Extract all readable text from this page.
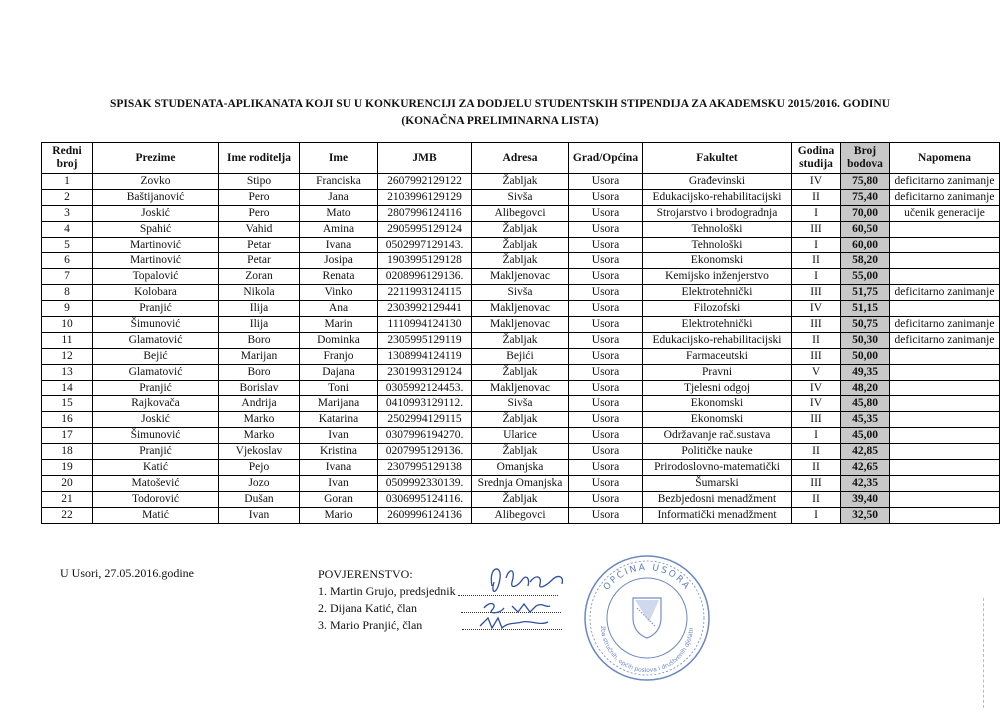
SPISAK STUDENATA-APLIKANATA KOJI SU U KONKURENCIJI ZA DODJELU STUDENTSKIH STIPENDIJA ZA AKADEMSKU 2015/2016. GODINU
(KONAČNA PRELIMINARNA LISTA)
Redni broj	Prezime	Ime roditelja	Ime	JMB	Adresa	Grad/Općina	Fakultet	Godina studija	Broj bodova	Napomena
1	Zovko	Stipo	Franciska	2607992129122	Žabljak	Usora	Građevinski	IV	75,80	deficitarno zanimanje
2	Baštijanović	Pero	Jana	2103996129129	Sivša	Usora	Edukacijsko-rehabilitacijski	II	75,40	deficitarno zanimanje
3	Joskić	Pero	Mato	2807996124116	Alibegovci	Usora	Strojarstvo i brodogradnja	I	70,00	učenik generacije
4	Spahić	Vahid	Amina	2905995129124	Žabljak	Usora	Tehnološki	III	60,50	
5	Martinović	Petar	Ivana	0502997129143.	Žabljak	Usora	Tehnološki	I	60,00	
6	Martinović	Petar	Josipa	1903995129128	Žabljak	Usora	Ekonomski	II	58,20	
7	Topalović	Zoran	Renata	0208996129136.	Makljenovac	Usora	Kemijsko inženjerstvo	I	55,00	
8	Kolobara	Nikola	Vinko	2211993124115	Sivša	Usora	Elektrotehnički	III	51,75	deficitarno zanimanje
9	Pranjić	Ilija	Ana	2303992129441	Makljenovac	Usora	Filozofski	IV	51,15	
10	Šimunović	Ilija	Marin	1110994124130	Makljenovac	Usora	Elektrotehnički	III	50,75	deficitarno zanimanje
11	Glamatović	Boro	Dominka	2305995129119	Žabljak	Usora	Edukacijsko-rehabilitacijski	II	50,30	deficitarno zanimanje
12	Bejić	Marijan	Franjo	1308994124119	Bejići	Usora	Farmaceutski	III	50,00	
13	Glamatović	Boro	Dajana	2301993129124	Žabljak	Usora	Pravni	V	49,35	
14	Pranjić	Borislav	Toni	0305992124453.	Makljenovac	Usora	Tjelesni odgoj	IV	48,20	
15	Rajkovača	Andrija	Marijana	0410993129112.	Sivša	Usora	Ekonomski	IV	45,80	
16	Joskić	Marko	Katarina	2502994129115	Žabljak	Usora	Ekonomski	III	45,35	
17	Šimunović	Marko	Ivan	0307996194270.	Ularice	Usora	Održavanje rač.sustava	I	45,00	
18	Pranjić	Vjekoslav	Kristina	0207995129136.	Žabljak	Usora	Političke nauke	II	42,85	
19	Katić	Pejo	Ivana	2307995129138	Omanjska	Usora	Prirodoslovno-matematički	II	42,65	
20	Matošević	Jozo	Ivan	0509992330139.	Srednja Omanjska	Usora	Šumarski	III	42,35	
21	Todorović	Dušan	Goran	0306995124116.	Žabljak	Usora	Bezbjedosni menadžment	II	39,40	
22	Matić	Ivan	Mario	2609996124136	Alibegovci	Usora	Informatički menadžment	I	32,50	
U Usori, 27.05.2016.godine	POVJERENSTVO:
1. Martin Grujo, predsjednik
2. Dijana Katić, član
3. Mario Pranjić, član
OPĆINA USORA
žba stručnih, općih poslova i društvenih djelatn
